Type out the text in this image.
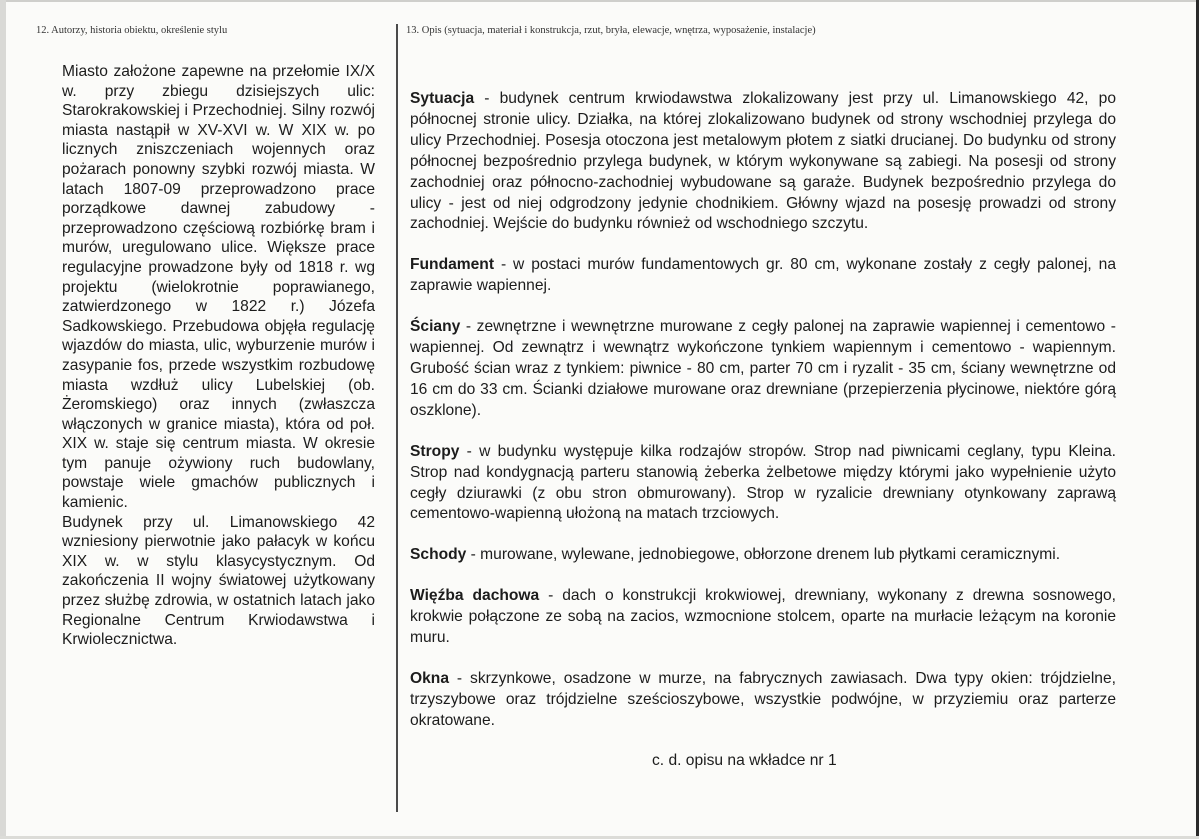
12. Autorzy, historia obiektu, określenie stylu	13. Opis (sytuacja, materiał i konstrukcja, rzut, bryła, elewacje, wnętrza, wyposażenie, instalacje)

Miasto założone zapewne na przełomie IX/X w. przy zbiegu dzisiejszych ulic: Starokrakowskiej i Przechodniej. Silny rozwój miasta nastąpił w XV-XVI w. W XIX w. po licznych zniszczeniach wojennych oraz pożarach ponowny szybki rozwój miasta. W latach 1807-09 przeprowadzono prace porządkowe dawnej zabudowy - przeprowadzono częściową rozbiórkę bram i murów, uregulowano ulice. Większe prace regulacyjne prowadzone były od 1818 r. wg projektu (wielokrotnie poprawianego, zatwierdzonego w 1822 r.) Józefa Sadkowskiego. Przebudowa objęła regulację wjazdów do miasta, ulic, wyburzenie murów i zasypanie fos, przede wszystkim rozbudowę miasta wzdłuż ulicy Lubelskiej (ob. Żeromskiego) oraz innych (zwłaszcza włączonych w granice miasta), która od poł. XIX w. staje się centrum miasta. W okresie tym panuje ożywiony ruch budowlany, powstaje wiele gmachów publicznych i kamienic.

Budynek przy ul. Limanowskiego 42 wzniesiony pierwotnie jako pałacyk w końcu XIX w. w stylu klasycystycznym. Od zakończenia II wojny światowej użytkowany przez służbę zdrowia, w ostatnich latach jako Regionalne Centrum Krwiodawstwa i Krwiolecznictwa.

Sytuacja - budynek centrum krwiodawstwa zlokalizowany jest przy ul. Limanowskiego 42, po północnej stronie ulicy. Działka, na której zlokalizowano budynek od strony wschodniej przylega do ulicy Przechodniej. Posesja otoczona jest metalowym płotem z siatki drucianej. Do budynku od strony północnej bezpośrednio przylega budynek, w którym wykonywane są zabiegi. Na posesji od strony zachodniej oraz północno-zachodniej wybudowane są garaże. Budynek bezpośrednio przylega do ulicy - jest od niej odgrodzony jedynie chodnikiem. Główny wjazd na posesję prowadzi od strony zachodniej. Wejście do budynku również od wschodniego szczytu.
Fundament - w postaci murów fundamentowych gr. 80 cm, wykonane zostały z cegły palonej, na zaprawie wapiennej.
Ściany - zewnętrzne i wewnętrzne murowane z cegły palonej na zaprawie wapiennej i cementowo - wapiennej. Od zewnątrz i wewnątrz wykończone tynkiem wapiennym i cementowo - wapiennym. Grubość ścian wraz z tynkiem: piwnice - 80 cm, parter 70 cm i ryzalit - 35 cm, ściany wewnętrzne od 16 cm do 33 cm. Ścianki działowe murowane oraz drewniane (przepierzenia płycinowe, niektóre górą oszklone).
Stropy - w budynku występuje kilka rodzajów stropów. Strop nad piwnicami ceglany, typu Kleina. Strop nad kondygnacją parteru stanowią żeberka żelbetowe między którymi jako wypełnienie użyto cegły dziurawki (z obu stron obmurowany). Strop w ryzalicie drewniany otynkowany zaprawą cementowo-wapienną ułożoną na matach trzciowych.
Schody - murowane, wylewane, jednobiegowe, obłorzone drenem lub płytkami ceramicznymi.
Więźba dachowa - dach o konstrukcji krokwiowej, drewniany, wykonany z drewna sosnowego, krokwie połączone ze sobą na zacios, wzmocnione stolcem, oparte na murłacie leżącym na koronie muru.
Okna - skrzynkowe, osadzone w murze, na fabrycznych zawiasach. Dwa typy okien: trójdzielne, trzyszybowe oraz trójdzielne sześcioszybowe, wszystkie podwójne, w przyziemiu oraz parterze okratowane.
c. d. opisu na wkładce nr 1
